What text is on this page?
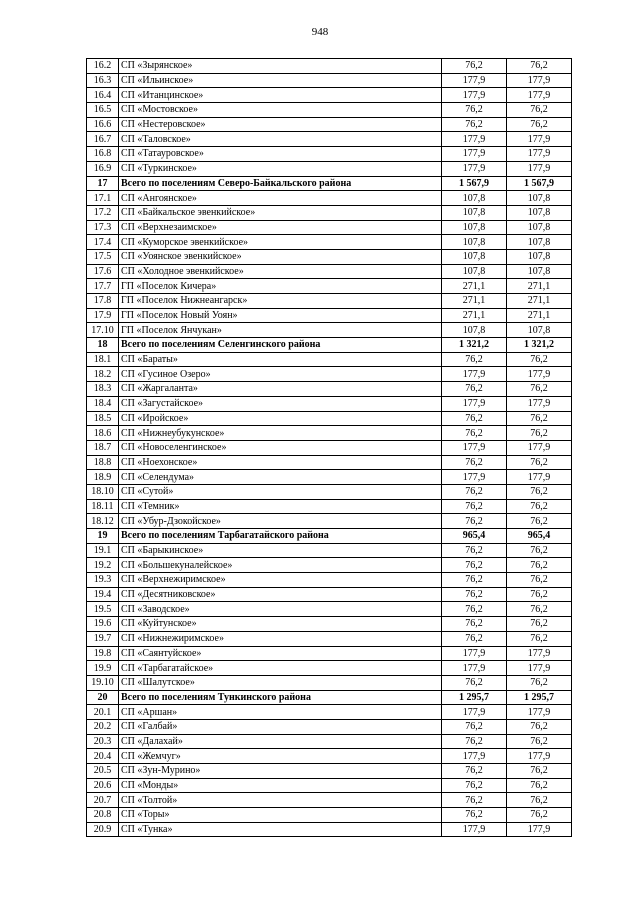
948
16.2	СП «Зырянское»	76,2	76,2
16.3	СП «Ильинское»	177,9	177,9
16.4	СП «Итанцинское»	177,9	177,9
16.5	СП «Мостовское»	76,2	76,2
16.6	СП «Нестеровское»	76,2	76,2
16.7	СП «Таловское»	177,9	177,9
16.8	СП «Татауровское»	177,9	177,9
16.9	СП «Туркинское»	177,9	177,9
17	Всего по поселениям Северо-Байкальского района	1 567,9	1 567,9
17.1	СП «Ангоянское»	107,8	107,8
17.2	СП «Байкальское эвенкийское»	107,8	107,8
17.3	СП «Верхнезаимское»	107,8	107,8
17.4	СП «Куморское эвенкийское»	107,8	107,8
17.5	СП «Уоянское эвенкийское»	107,8	107,8
17.6	СП «Холодное эвенкийское»	107,8	107,8
17.7	ГП «Поселок Кичера»	271,1	271,1
17.8	ГП «Поселок Нижнеангарск»	271,1	271,1
17.9	ГП «Поселок Новый Уоян»	271,1	271,1
17.10	ГП «Поселок Янчукан»	107,8	107,8
18	Всего по поселениям Селенгинского района	1 321,2	1 321,2
18.1	СП «Бараты»	76,2	76,2
18.2	СП «Гусиное Озеро»	177,9	177,9
18.3	СП «Жаргаланта»	76,2	76,2
18.4	СП «Загустайское»	177,9	177,9
18.5	СП «Иройское»	76,2	76,2
18.6	СП «Нижнеубукунское»	76,2	76,2
18.7	СП «Новоселенгинское»	177,9	177,9
18.8	СП «Ноехонское»	76,2	76,2
18.9	СП «Селендума»	177,9	177,9
18.10	СП «Сутой»	76,2	76,2
18.11	СП «Темник»	76,2	76,2
18.12	СП «Убур-Дзокойское»	76,2	76,2
19	Всего по поселениям Тарбагатайского района	965,4	965,4
19.1	СП «Барыкинское»	76,2	76,2
19.2	СП «Большекуналейское»	76,2	76,2
19.3	СП «Верхнежиримское»	76,2	76,2
19.4	СП «Десятниковское»	76,2	76,2
19.5	СП «Заводское»	76,2	76,2
19.6	СП «Куйтунское»	76,2	76,2
19.7	СП «Нижнежиримское»	76,2	76,2
19.8	СП «Саянтуйское»	177,9	177,9
19.9	СП «Тарбагатайское»	177,9	177,9
19.10	СП «Шалутское»	76,2	76,2
20	Всего по поселениям Тункинского района	1 295,7	1 295,7
20.1	СП «Аршан»	177,9	177,9
20.2	СП «Галбай»	76,2	76,2
20.3	СП «Далахай»	76,2	76,2
20.4	СП «Жемчуг»	177,9	177,9
20.5	СП «Зун-Мурино»	76,2	76,2
20.6	СП «Монды»	76,2	76,2
20.7	СП «Толтой»	76,2	76,2
20.8	СП «Торы»	76,2	76,2
20.9	СП «Тунка»	177,9	177,9
